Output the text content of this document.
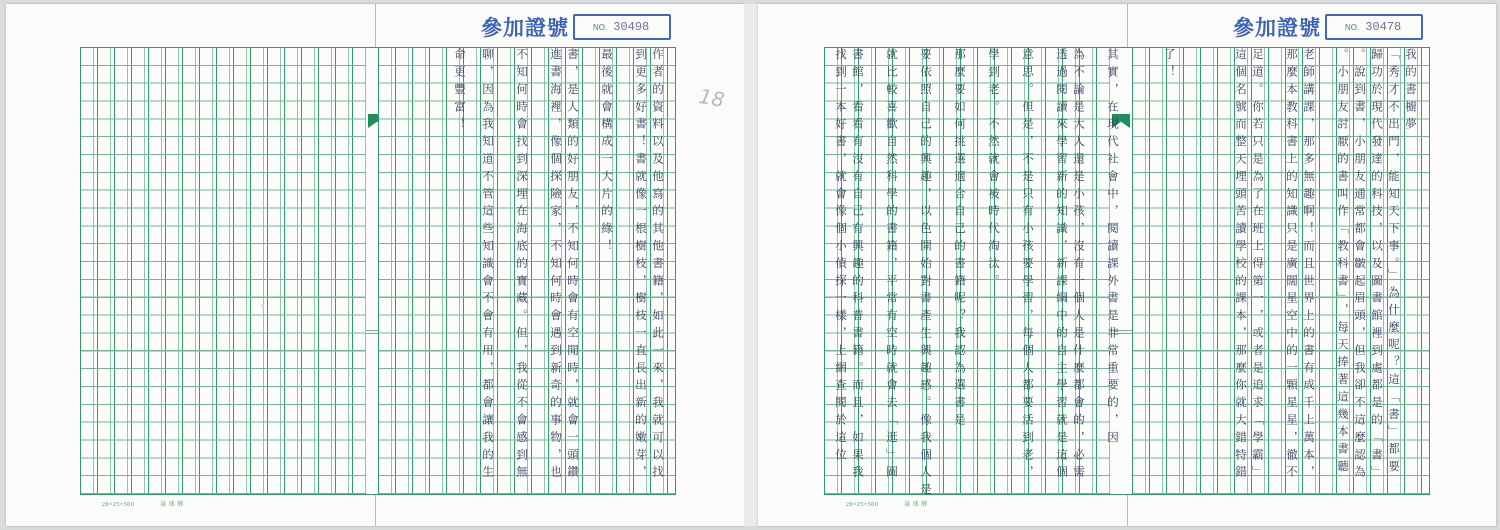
參加證號	NO. 30498
18
作者的資料以及他寫的其他書籍，如此一來，我就可以找
到更多好書！書就像一根樹枝，樹枝一直長出新的嫩芽，
最後就會構成一大片的綠！
書，是人類的好朋友，不知何時會有空閒時，就會一頭鑽
進書海裡，像個探險家，不知何時會遇到新奇的事物，也
不知何時會找到深埋在海底的寶藏。但，我從不會感到無
聊，因為我知道不管這些知識會不會有用，都會讓我的生
命更豐富！
20×25=500	泉 球 牌
參加證號	NO. 30478
我的書櫥夢
「秀才不出門，能知天下事。」為什麼呢？這「書」都要
歸功於現代發達的科技，以及圖書館裡到處都是的「書」
。說到書，小朋友通常都會皺起眉頭，但我卻不這麼認為
。小朋友討厭的書叫作「教科書」，每天捧著這幾本書聽
老師講課，那多無趣啊！而且世界上的書有成千上萬本，
那麼本教科書上的知識只是廣闊星空中的一顆星星，徹不
足道。你若只是為了在班上得第一，或者是追求「學霸」
這個名號而整天埋頭苦讀學校的課本，那麼你就大錯特錯
了！
其實，在現代社會中，閱讀課外書是非常重要的，因
為不論是大人還是小孩，沒有一個人是什麼都會的，必需
透過閱讀來學習新的知識，新課綱中的自主學習就是這個
意思。但是，不是只有小孩要學習，每個人都要活到老，
學到老。不然就會被時代淘汰。
那麼要如何挑選適合自己的書籍呢？我認為選書是
要依照自己的興趣，以色開始對書產生興趣感。像我個人是
就比較喜歡自然科學的書籍，平常有空時就會去「逛」圖
書館，看看有沒有自己有興趣的科普書籍。而且，如果我
找到一本好書，就會像個小偵探一樣，上網查閱於這位
20×25=500	泉 球 牌
